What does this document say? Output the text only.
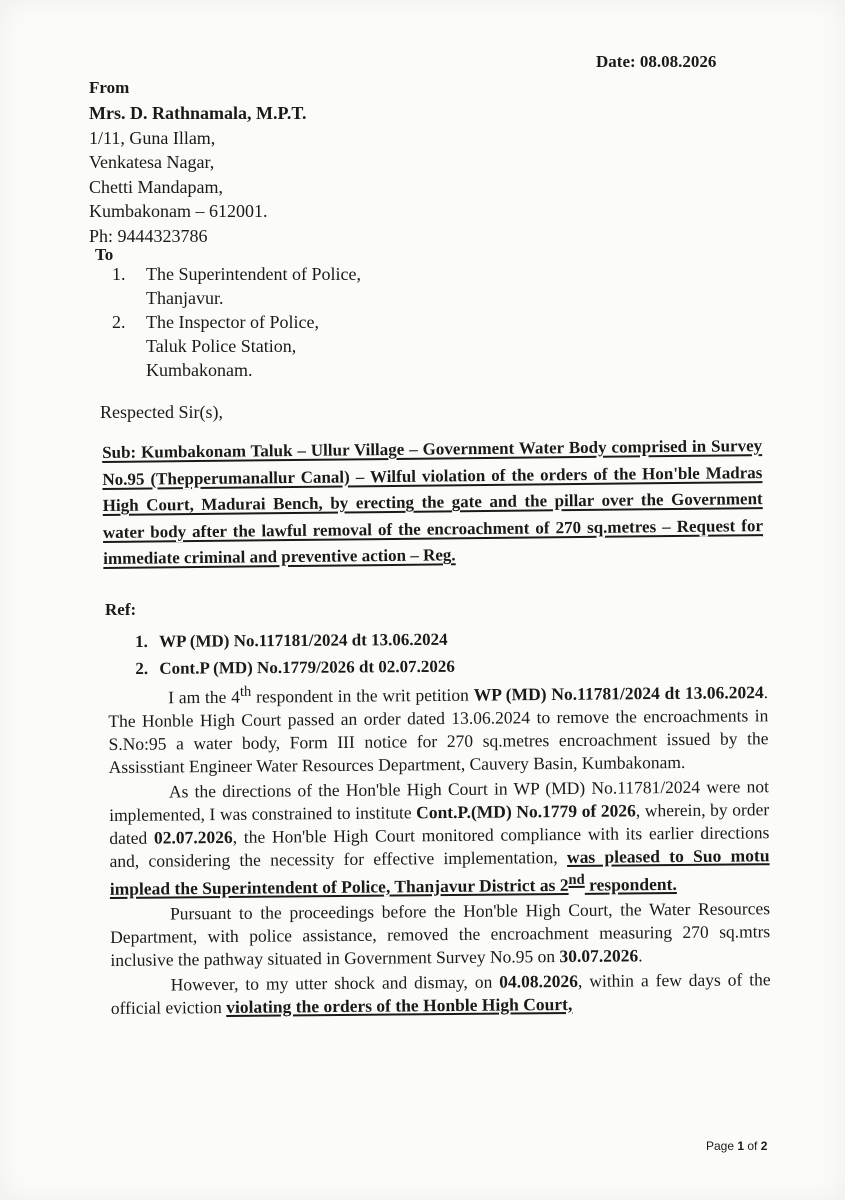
Date: 08.08.2026
From
Mrs. D. Rathnamala, M.P.T.
1/11, Guna Illam,
Venkatesa Nagar,
Chetti Mandapam,
Kumbakonam – 612001.
Ph: 9444323786
To
1.	The Superintendent of Police,
Thanjavur.
2.	The Inspector of Police,
Taluk Police Station,
Kumbakonam.
Respected Sir(s),
Sub: Kumbakonam Taluk – Ullur Village – Government Water Body comprised in Survey No.95 (Thepperumanallur Canal) – Wilful violation of the orders of the Hon'ble Madras High Court, Madurai Bench, by erecting the gate and the pillar over the Government water body after the lawful removal of the encroachment of 270 sq.metres – Request for immediate criminal and preventive action – Reg.
Ref:
1. WP (MD) No.117181/2024 dt 13.06.2024
2. Cont.P (MD) No.1779/2026 dt 02.07.2026

I am the 4th respondent in the writ petition WP (MD) No.11781/2024 dt 13.06.2024. The Honble High Court passed an order dated 13.06.2024 to remove the encroachments in S.No:95 a water body, Form III notice for 270 sq.metres encroachment issued by the Assisstiant Engineer Water Resources Department, Cauvery Basin, Kumbakonam.

As the directions of the Hon'ble High Court in WP (MD) No.11781/2024 were not implemented, I was constrained to institute Cont.P.(MD) No.1779 of 2026, wherein, by order dated 02.07.2026, the Hon'ble High Court monitored compliance with its earlier directions and, considering the necessity for effective implementation, was pleased to Suo motu implead the Superintendent of Police, Thanjavur District as 2nd respondent.

Pursuant to the proceedings before the Hon'ble High Court, the Water Resources Department, with police assistance, removed the encroachment measuring 270 sq.mtrs inclusive the pathway situated in Government Survey No.95 on 30.07.2026.

However, to my utter shock and dismay, on 04.08.2026, within a few days of the official eviction violating the orders of the Honble High Court,

Page 1 of 2
